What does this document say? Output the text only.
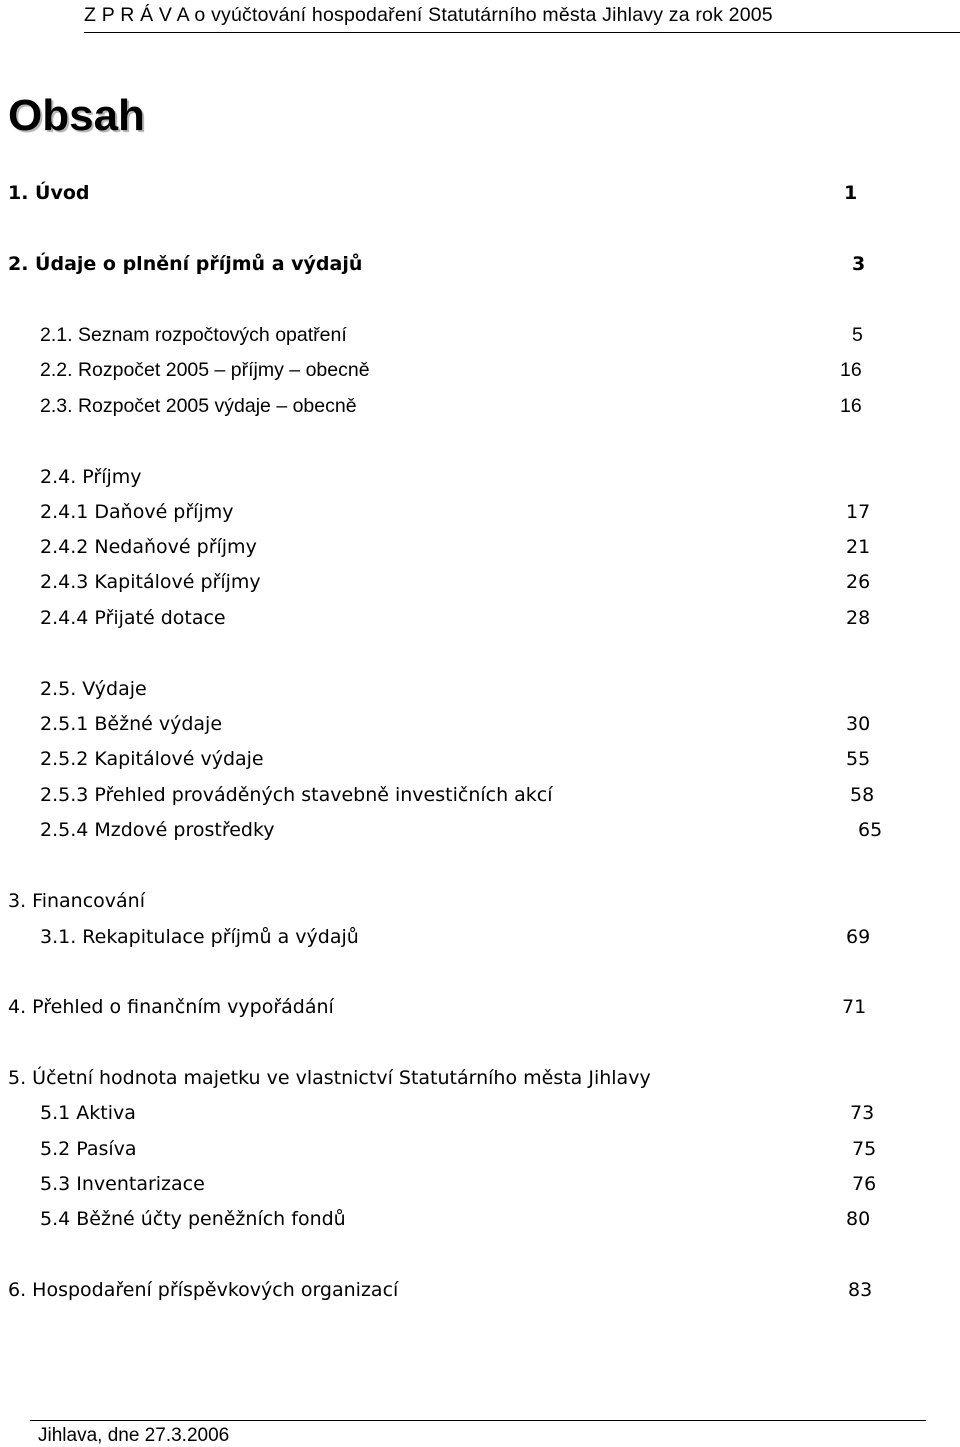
Z P R Á V A o vyúčtování hospodaření Statutárního města Jihlavy za rok 2005
Obsah
1. Úvod	1
2. Údaje o plnění příjmů a výdajů	3
2.1. Seznam rozpočtových opatření	5
2.2. Rozpočet 2005 – příjmy – obecně	16
2.3. Rozpočet 2005 výdaje – obecně	16
2.4. Příjmy
2.4.1 Daňové příjmy	17
2.4.2 Nedaňové příjmy	21
2.4.3 Kapitálové příjmy	26
2.4.4 Přijaté dotace	28
2.5. Výdaje
2.5.1 Běžné výdaje	30
2.5.2 Kapitálové výdaje	55
2.5.3 Přehled prováděných stavebně investičních akcí	58
2.5.4 Mzdové prostředky	65
3. Financování
3.1. Rekapitulace příjmů a výdajů	69
4. Přehled o finančním vypořádání	71
5. Účetní hodnota majetku ve vlastnictví Statutárního města Jihlavy
5.1 Aktiva	73
5.2 Pasíva	75
5.3 Inventarizace	76
5.4 Běžné účty peněžních fondů	80
6. Hospodaření příspěvkových organizací	83
Jihlava, dne 27.3.2006
